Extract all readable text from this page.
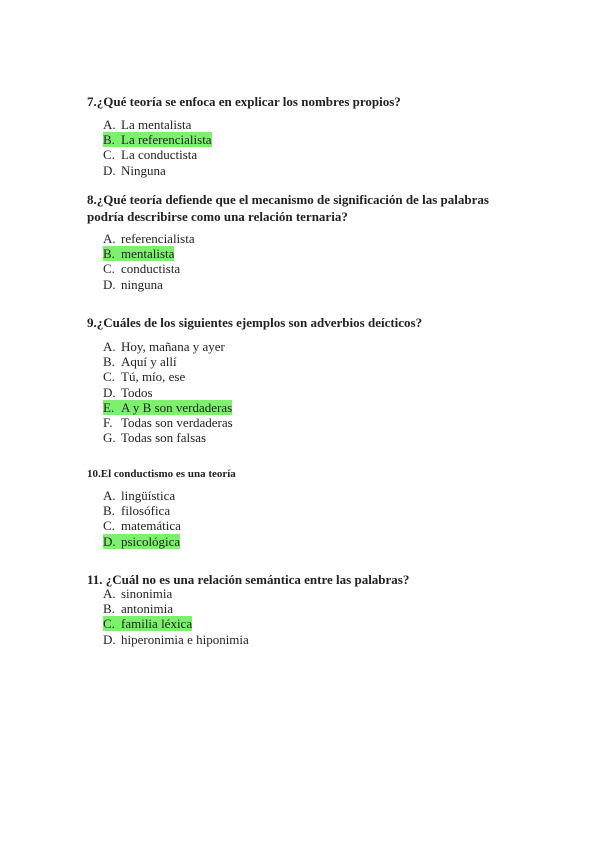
7.¿Qué teoría se enfoca en explicar los nombres propios?
A. La mentalista
B. La referencialista
C. La conductista
D. Ninguna
8.¿Qué teoría defiende que el mecanismo de significación de las palabras podría describirse como una relación ternaria?
A. referencialista
B. mentalista
C. conductista
D. ninguna
9.¿Cuáles de los siguientes ejemplos son adverbios deícticos?
A. Hoy, mañana y ayer
B. Aquí y allí
C. Tú, mío, ese
D. Todos
E. A y B son verdaderas
F. Todas son verdaderas
G. Todas son falsas
10.El conductismo es una teoría
A. lingüística
B. filosófica
C. matemática
D. psicológica
11. ¿Cuál no es una relación semántica entre las palabras?
A. sinonimia
B. antonimia
C. familia léxica
D. hiperonimia e hiponimia
